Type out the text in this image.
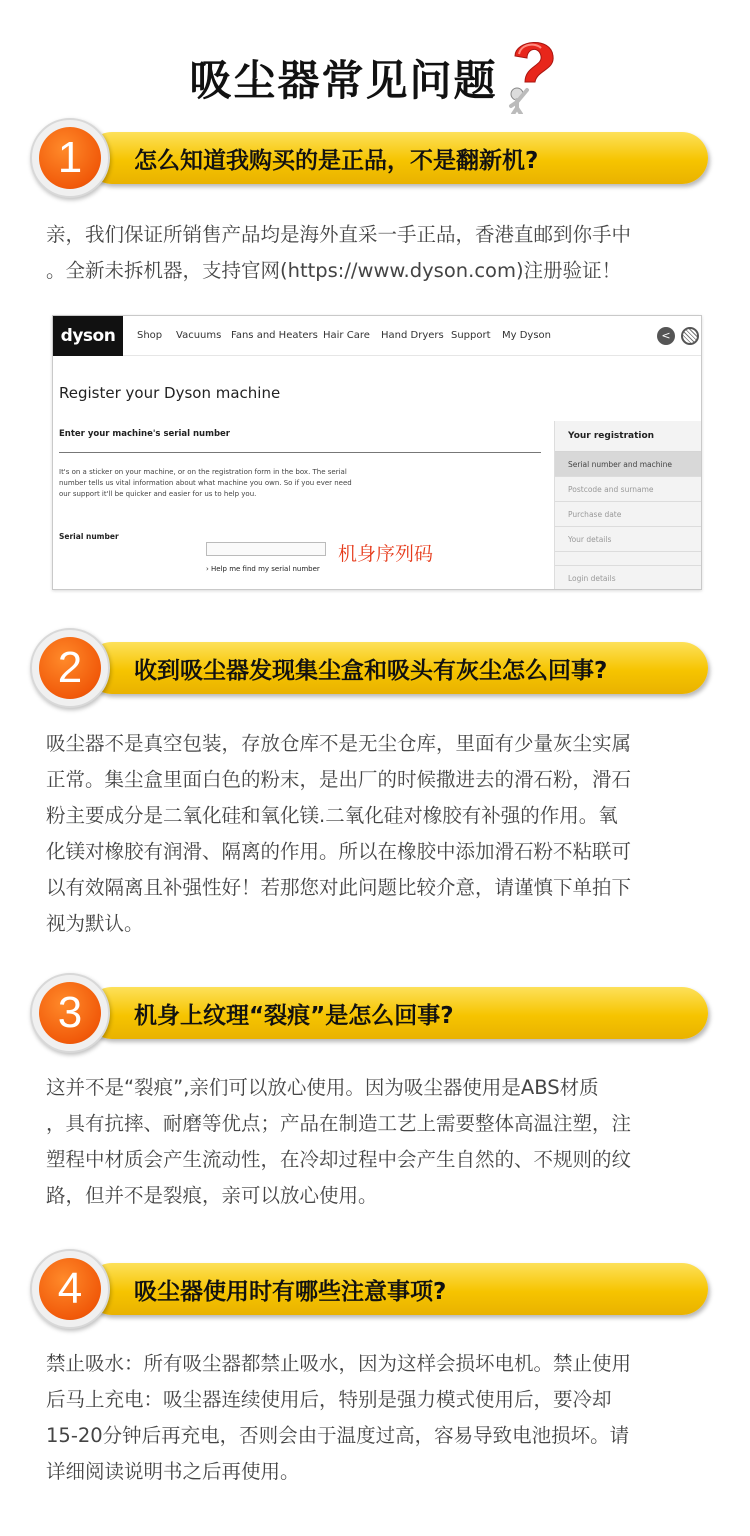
吸尘器常见问题
怎么知道我购买的是正品，不是翻新机?
1
亲，我们保证所销售产品均是海外直采一手正品，香港直邮到你手中
。全新未拆机器，支持官网(https://www.dyson.com)注册验证！
dyson	Shop Vacuums Fans and Heaters Hair Care Hand Dryers Support My Dyson	<
Register your Dyson machine
Enter your machine's serial number
It's on a sticker on your machine, or on the registration form in the box. The serial
number tells us vital information about what machine you own. So if you ever need
our support it'll be quicker and easier for us to help you.
Serial number
机身序列码
› Help me find my serial number
Your registration
Serial number and machine
Postcode and surname
Purchase date
Your details
Login details
收到吸尘器发现集尘盒和吸头有灰尘怎么回事?
2
吸尘器不是真空包装，存放仓库不是无尘仓库，里面有少量灰尘实属
正常。集尘盒里面白色的粉末，是出厂的时候撒进去的滑石粉，滑石
粉主要成分是二氧化硅和氧化镁.二氧化硅对橡胶有补强的作用。氧
化镁对橡胶有润滑、隔离的作用。所以在橡胶中添加滑石粉不粘联可
以有效隔离且补强性好！若那您对此问题比较介意，请谨慎下单拍下
视为默认。
机身上纹理“裂痕”是怎么回事?
3
这并不是“裂痕”,亲们可以放心使用。因为吸尘器使用是ABS材质
，具有抗摔、耐磨等优点；产品在制造工艺上需要整体高温注塑，注
塑程中材质会产生流动性，在冷却过程中会产生自然的、不规则的纹
路，但并不是裂痕，亲可以放心使用。
吸尘器使用时有哪些注意事项?
4
禁止吸水：所有吸尘器都禁止吸水，因为这样会损坏电机。禁止使用
后马上充电：吸尘器连续使用后，特别是强力模式使用后，要冷却
15-20分钟后再充电，否则会由于温度过高，容易导致电池损坏。请
详细阅读说明书之后再使用。
